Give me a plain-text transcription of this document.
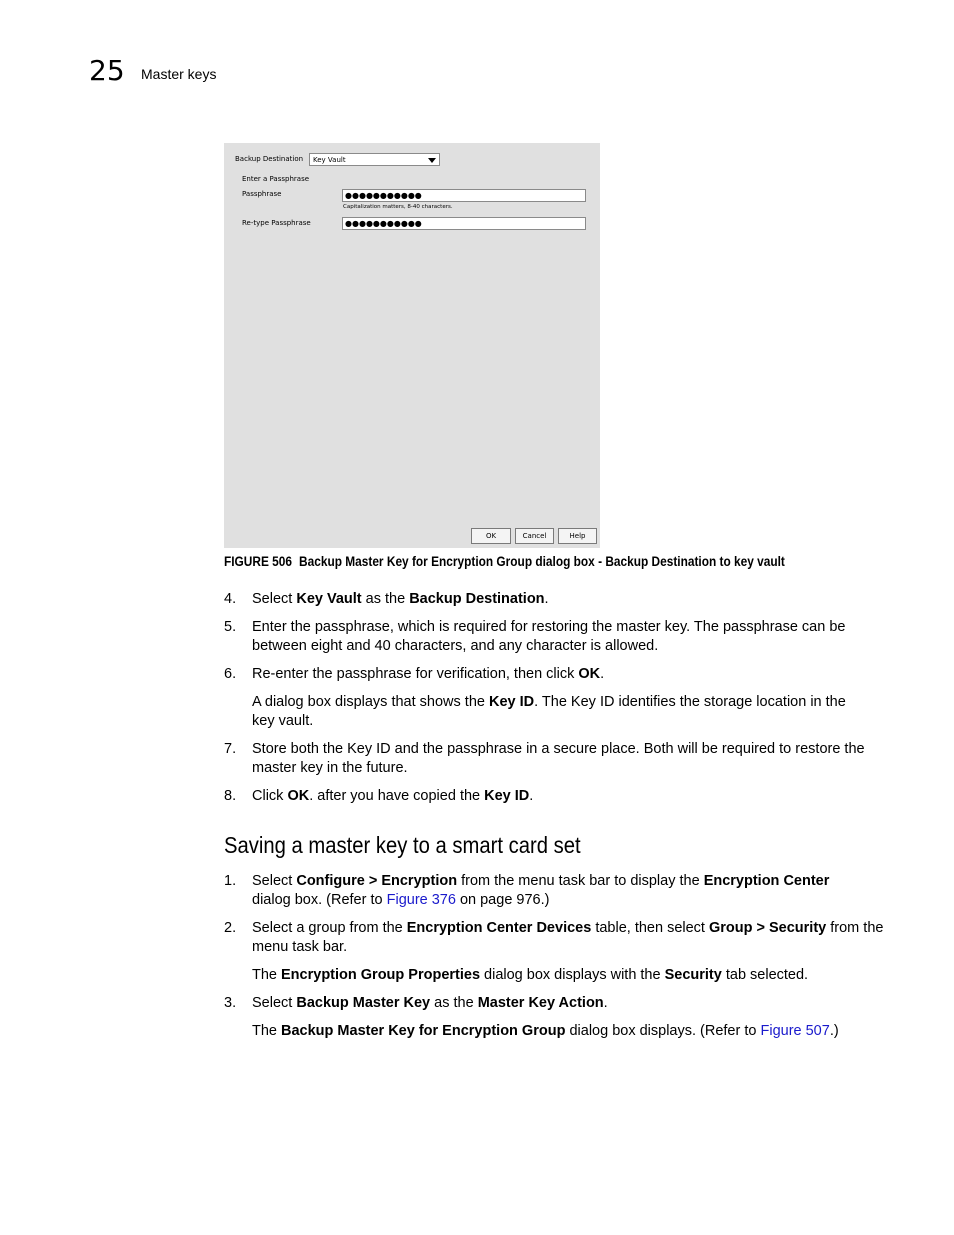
25 Master keys
Backup Destination Key Vault
Enter a Passphrase
Passphrase	●●●●●●●●●●●
Capitalization matters, 8-40 characters.
Re-type Passphrase	●●●●●●●●●●●
OK	Cancel	Help
FIGURE 506 Backup Master Key for Encryption Group dialog box - Backup Destination to key vault
4. Select Key Vault as the Backup Destination.
5. Enter the passphrase, which is required for restoring the master key. The passphrase can be
between eight and 40 characters, and any character is allowed.
6. Re-enter the passphrase for verification, then click OK.
A dialog box displays that shows the Key ID. The Key ID identifies the storage location in the
key vault.
7. Store both the Key ID and the passphrase in a secure place. Both will be required to restore the
master key in the future.
8. Click OK. after you have copied the Key ID.
Saving a master key to a smart card set
1. Select Configure > Encryption from the menu task bar to display the Encryption Center
dialog box. (Refer to Figure 376 on page 976.)
2. Select a group from the Encryption Center Devices table, then select Group > Security from the
menu task bar.
The Encryption Group Properties dialog box displays with the Security tab selected.
3. Select Backup Master Key as the Master Key Action.
The Backup Master Key for Encryption Group dialog box displays. (Refer to Figure 507.)
